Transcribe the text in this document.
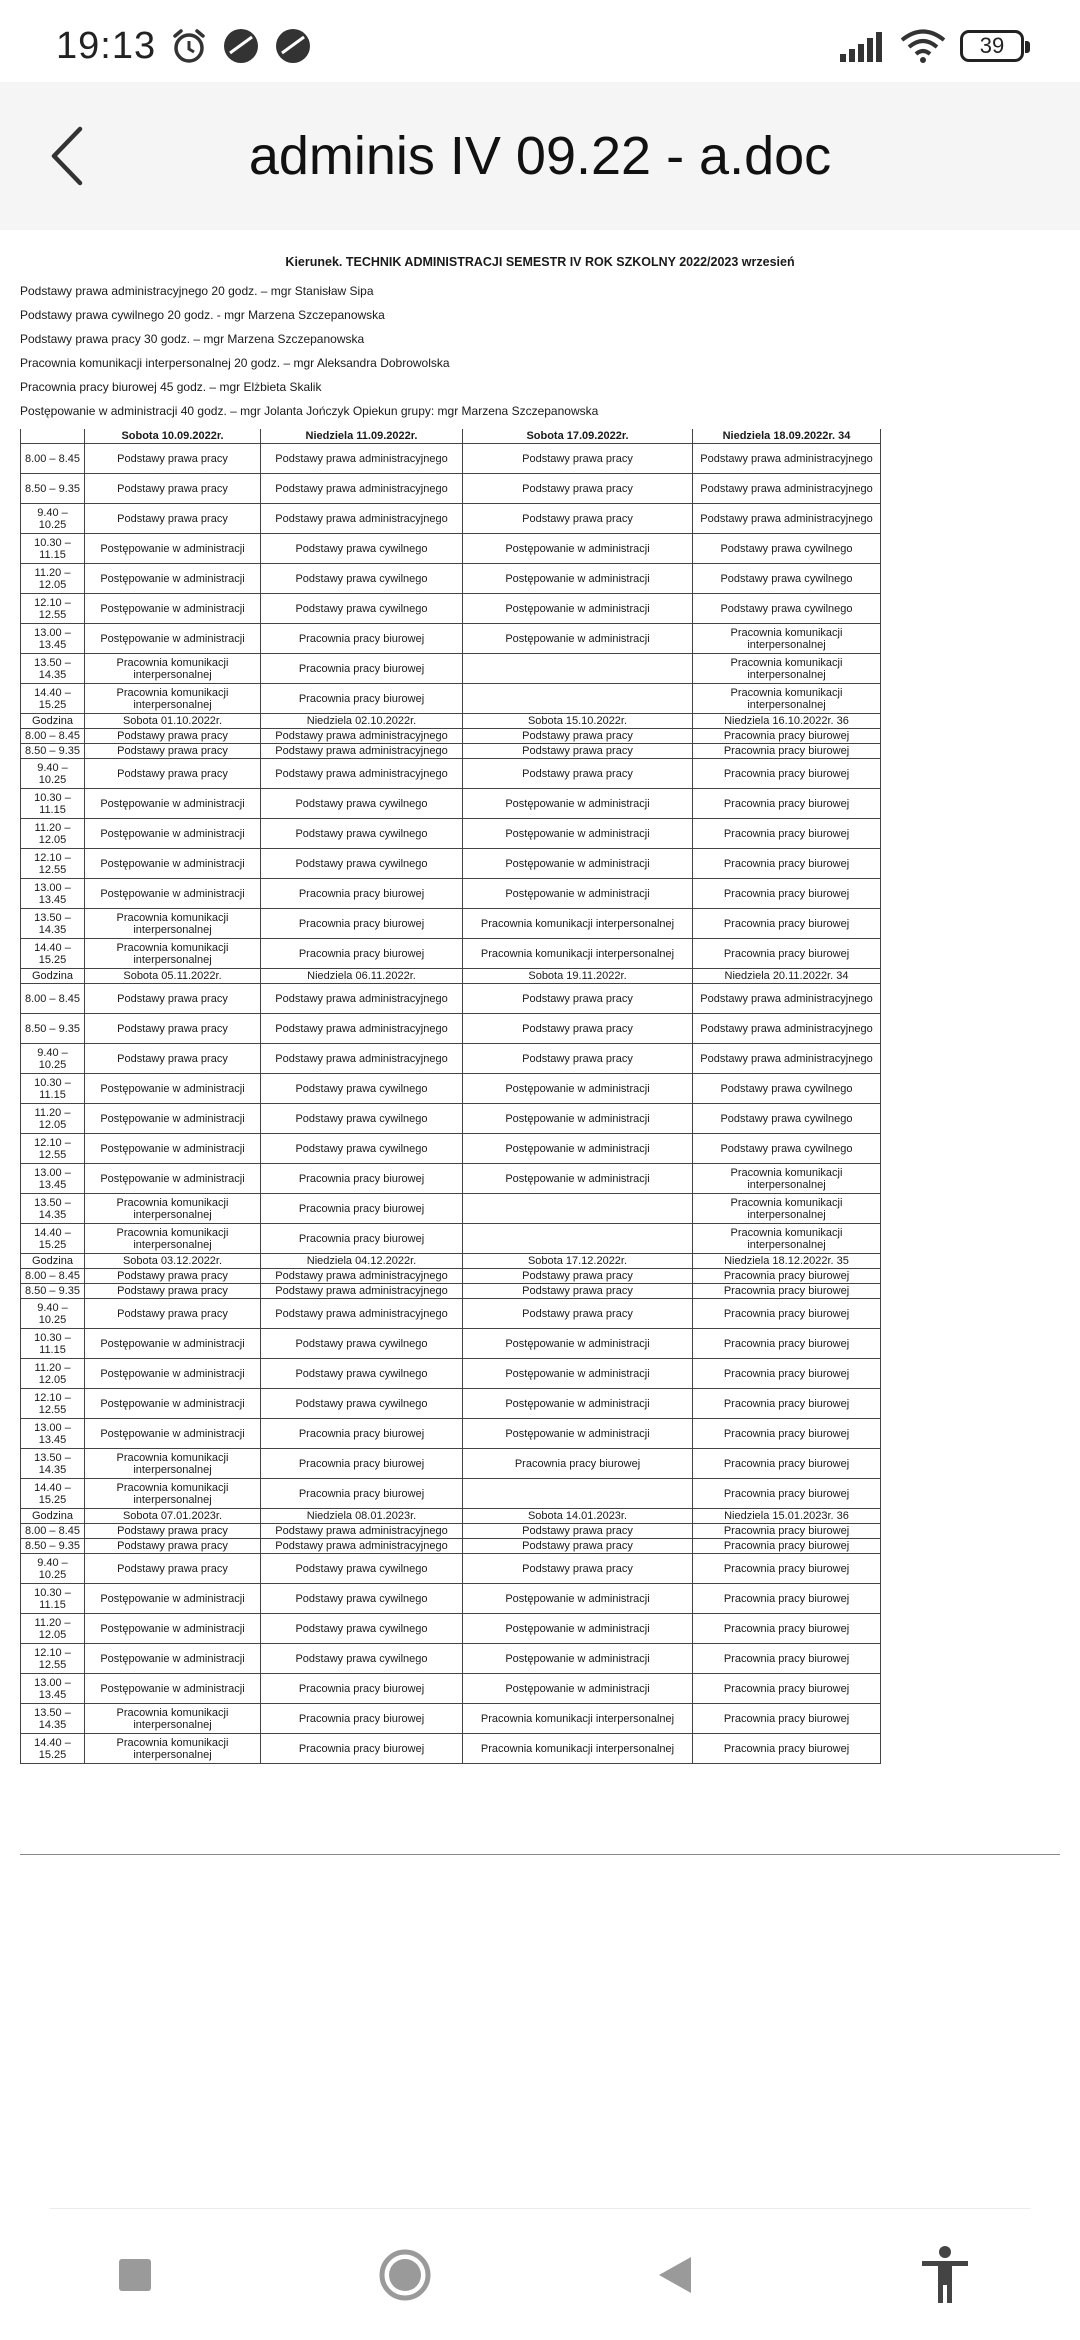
19:13	39
adminis IV 09.22 - a.doc
Kierunek. TECHNIK ADMINISTRACJI SEMESTR IV ROK SZKOLNY 2022/2023 wrzesień
Podstawy prawa administracyjnego 20 godz. – mgr Stanisław Sipa
Podstawy prawa cywilnego 20 godz. - mgr Marzena Szczepanowska
Podstawy prawa pracy 30 godz. – mgr Marzena Szczepanowska
Pracownia komunikacji interpersonalnej 20 godz. – mgr Aleksandra Dobrowolska
Pracownia pracy biurowej 45 godz. – mgr Elżbieta Skalik
Postępowanie w administracji 40 godz. – mgr Jolanta Jończyk Opiekun grupy: mgr Marzena Szczepanowska
	Sobota 10.09.2022r.	Niedziela 11.09.2022r.	Sobota 17.09.2022r.	Niedziela 18.09.2022r. 34
8.00 – 8.45	Podstawy prawa pracy	Podstawy prawa administracyjnego	Podstawy prawa pracy	Podstawy prawa administracyjnego
8.50 – 9.35	Podstawy prawa pracy	Podstawy prawa administracyjnego	Podstawy prawa pracy	Podstawy prawa administracyjnego
9.40 – 10.25	Podstawy prawa pracy	Podstawy prawa administracyjnego	Podstawy prawa pracy	Podstawy prawa administracyjnego
10.30 – 11.15	Postępowanie w administracji	Podstawy prawa cywilnego	Postępowanie w administracji	Podstawy prawa cywilnego
11.20 – 12.05	Postępowanie w administracji	Podstawy prawa cywilnego	Postępowanie w administracji	Podstawy prawa cywilnego
12.10 – 12.55	Postępowanie w administracji	Podstawy prawa cywilnego	Postępowanie w administracji	Podstawy prawa cywilnego
13.00 – 13.45	Postępowanie w administracji	Pracownia pracy biurowej	Postępowanie w administracji	Pracownia komunikacji interpersonalnej
13.50 – 14.35	Pracownia komunikacji interpersonalnej	Pracownia pracy biurowej		Pracownia komunikacji interpersonalnej
14.40 – 15.25	Pracownia komunikacji interpersonalnej	Pracownia pracy biurowej		Pracownia komunikacji interpersonalnej
Godzina	Sobota 01.10.2022r.	Niedziela 02.10.2022r.	Sobota 15.10.2022r.	Niedziela 16.10.2022r. 36
8.00 – 8.45	Podstawy prawa pracy	Podstawy prawa administracyjnego	Podstawy prawa pracy	Pracownia pracy biurowej
8.50 – 9.35	Podstawy prawa pracy	Podstawy prawa administracyjnego	Podstawy prawa pracy	Pracownia pracy biurowej
9.40 – 10.25	Podstawy prawa pracy	Podstawy prawa administracyjnego	Podstawy prawa pracy	Pracownia pracy biurowej
10.30 – 11.15	Postępowanie w administracji	Podstawy prawa cywilnego	Postępowanie w administracji	Pracownia pracy biurowej
11.20 – 12.05	Postępowanie w administracji	Podstawy prawa cywilnego	Postępowanie w administracji	Pracownia pracy biurowej
12.10 – 12.55	Postępowanie w administracji	Podstawy prawa cywilnego	Postępowanie w administracji	Pracownia pracy biurowej
13.00 – 13.45	Postępowanie w administracji	Pracownia pracy biurowej	Postępowanie w administracji	Pracownia pracy biurowej
13.50 – 14.35	Pracownia komunikacji interpersonalnej	Pracownia pracy biurowej	Pracownia komunikacji interpersonalnej	Pracownia pracy biurowej
14.40 – 15.25	Pracownia komunikacji interpersonalnej	Pracownia pracy biurowej	Pracownia komunikacji interpersonalnej	Pracownia pracy biurowej
Godzina	Sobota 05.11.2022r.	Niedziela 06.11.2022r.	Sobota 19.11.2022r.	Niedziela 20.11.2022r. 34
8.00 – 8.45	Podstawy prawa pracy	Podstawy prawa administracyjnego	Podstawy prawa pracy	Podstawy prawa administracyjnego
8.50 – 9.35	Podstawy prawa pracy	Podstawy prawa administracyjnego	Podstawy prawa pracy	Podstawy prawa administracyjnego
9.40 – 10.25	Podstawy prawa pracy	Podstawy prawa administracyjnego	Podstawy prawa pracy	Podstawy prawa administracyjnego
10.30 – 11.15	Postępowanie w administracji	Podstawy prawa cywilnego	Postępowanie w administracji	Podstawy prawa cywilnego
11.20 – 12.05	Postępowanie w administracji	Podstawy prawa cywilnego	Postępowanie w administracji	Podstawy prawa cywilnego
12.10 – 12.55	Postępowanie w administracji	Podstawy prawa cywilnego	Postępowanie w administracji	Podstawy prawa cywilnego
13.00 – 13.45	Postępowanie w administracji	Pracownia pracy biurowej	Postępowanie w administracji	Pracownia komunikacji interpersonalnej
13.50 – 14.35	Pracownia komunikacji interpersonalnej	Pracownia pracy biurowej		Pracownia komunikacji interpersonalnej
14.40 – 15.25	Pracownia komunikacji interpersonalnej	Pracownia pracy biurowej		Pracownia komunikacji interpersonalnej
Godzina	Sobota 03.12.2022r.	Niedziela 04.12.2022r.	Sobota 17.12.2022r.	Niedziela 18.12.2022r. 35
8.00 – 8.45	Podstawy prawa pracy	Podstawy prawa administracyjnego	Podstawy prawa pracy	Pracownia pracy biurowej
8.50 – 9.35	Podstawy prawa pracy	Podstawy prawa administracyjnego	Podstawy prawa pracy	Pracownia pracy biurowej
9.40 – 10.25	Podstawy prawa pracy	Podstawy prawa administracyjnego	Podstawy prawa pracy	Pracownia pracy biurowej
10.30 – 11.15	Postępowanie w administracji	Podstawy prawa cywilnego	Postępowanie w administracji	Pracownia pracy biurowej
11.20 – 12.05	Postępowanie w administracji	Podstawy prawa cywilnego	Postępowanie w administracji	Pracownia pracy biurowej
12.10 – 12.55	Postępowanie w administracji	Podstawy prawa cywilnego	Postępowanie w administracji	Pracownia pracy biurowej
13.00 – 13.45	Postępowanie w administracji	Pracownia pracy biurowej	Postępowanie w administracji	Pracownia pracy biurowej
13.50 – 14.35	Pracownia komunikacji interpersonalnej	Pracownia pracy biurowej	Pracownia pracy biurowej	Pracownia pracy biurowej
14.40 – 15.25	Pracownia komunikacji interpersonalnej	Pracownia pracy biurowej		Pracownia pracy biurowej
Godzina	Sobota 07.01.2023r.	Niedziela 08.01.2023r.	Sobota 14.01.2023r.	Niedziela 15.01.2023r. 36
8.00 – 8.45	Podstawy prawa pracy	Podstawy prawa administracyjnego	Podstawy prawa pracy	Pracownia pracy biurowej
8.50 – 9.35	Podstawy prawa pracy	Podstawy prawa administracyjnego	Podstawy prawa pracy	Pracownia pracy biurowej
9.40 – 10.25	Podstawy prawa pracy	Podstawy prawa cywilnego	Podstawy prawa pracy	Pracownia pracy biurowej
10.30 – 11.15	Postępowanie w administracji	Podstawy prawa cywilnego	Postępowanie w administracji	Pracownia pracy biurowej
11.20 – 12.05	Postępowanie w administracji	Podstawy prawa cywilnego	Postępowanie w administracji	Pracownia pracy biurowej
12.10 – 12.55	Postępowanie w administracji	Podstawy prawa cywilnego	Postępowanie w administracji	Pracownia pracy biurowej
13.00 – 13.45	Postępowanie w administracji	Pracownia pracy biurowej	Postępowanie w administracji	Pracownia pracy biurowej
13.50 – 14.35	Pracownia komunikacji interpersonalnej	Pracownia pracy biurowej	Pracownia komunikacji interpersonalnej	Pracownia pracy biurowej
14.40 – 15.25	Pracownia komunikacji interpersonalnej	Pracownia pracy biurowej	Pracownia komunikacji interpersonalnej	Pracownia pracy biurowej
